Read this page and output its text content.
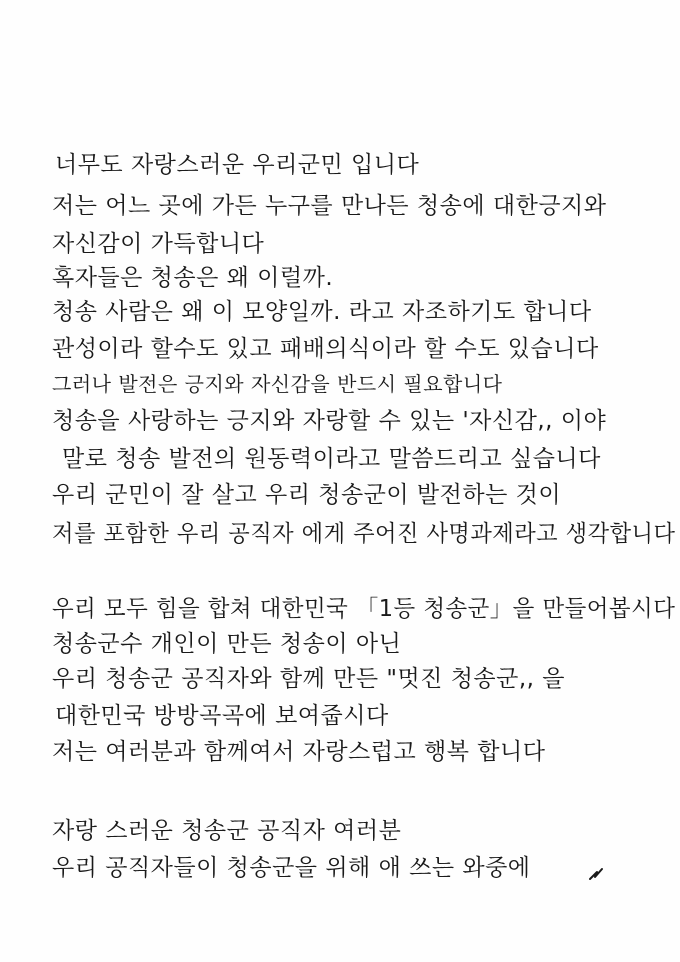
너무도 자랑스러운 우리군민 입니다
저는 어느 곳에 가든 누구를 만나든 청송에 대한긍지와
자신감이 가득합니다
혹자들은 청송은 왜 이럴까.
청송 사람은 왜 이 모양일까. 라고 자조하기도 합니다
관성이라 할수도 있고 패배의식이라 할 수도 있습니다
그러나 발전은 긍지와 자신감을 반드시 필요합니다
청송을 사랑하는 긍지와 자랑할 수 있는 '자신감,, 이야
말로 청송 발전의 원동력이라고 말씀드리고 싶습니다
우리 군민이 잘 살고 우리 청송군이 발전하는 것이
저를 포함한 우리 공직자 에게 주어진 사명과제라고 생각합니다
우리 모두 힘을 합쳐 대한민국 「1등 청송군」을 만들어봅시다
청송군수 개인이 만든 청송이 아닌
우리 청송군 공직자와 함께 만든 "멋진 청송군,, 을
대한민국 방방곡곡에 보여줍시다
저는 여러분과 함께여서 자랑스럽고 행복 합니다
자랑 스러운 청송군 공직자 여러분
우리 공직자들이 청송군을 위해 애 쓰는 와중에
